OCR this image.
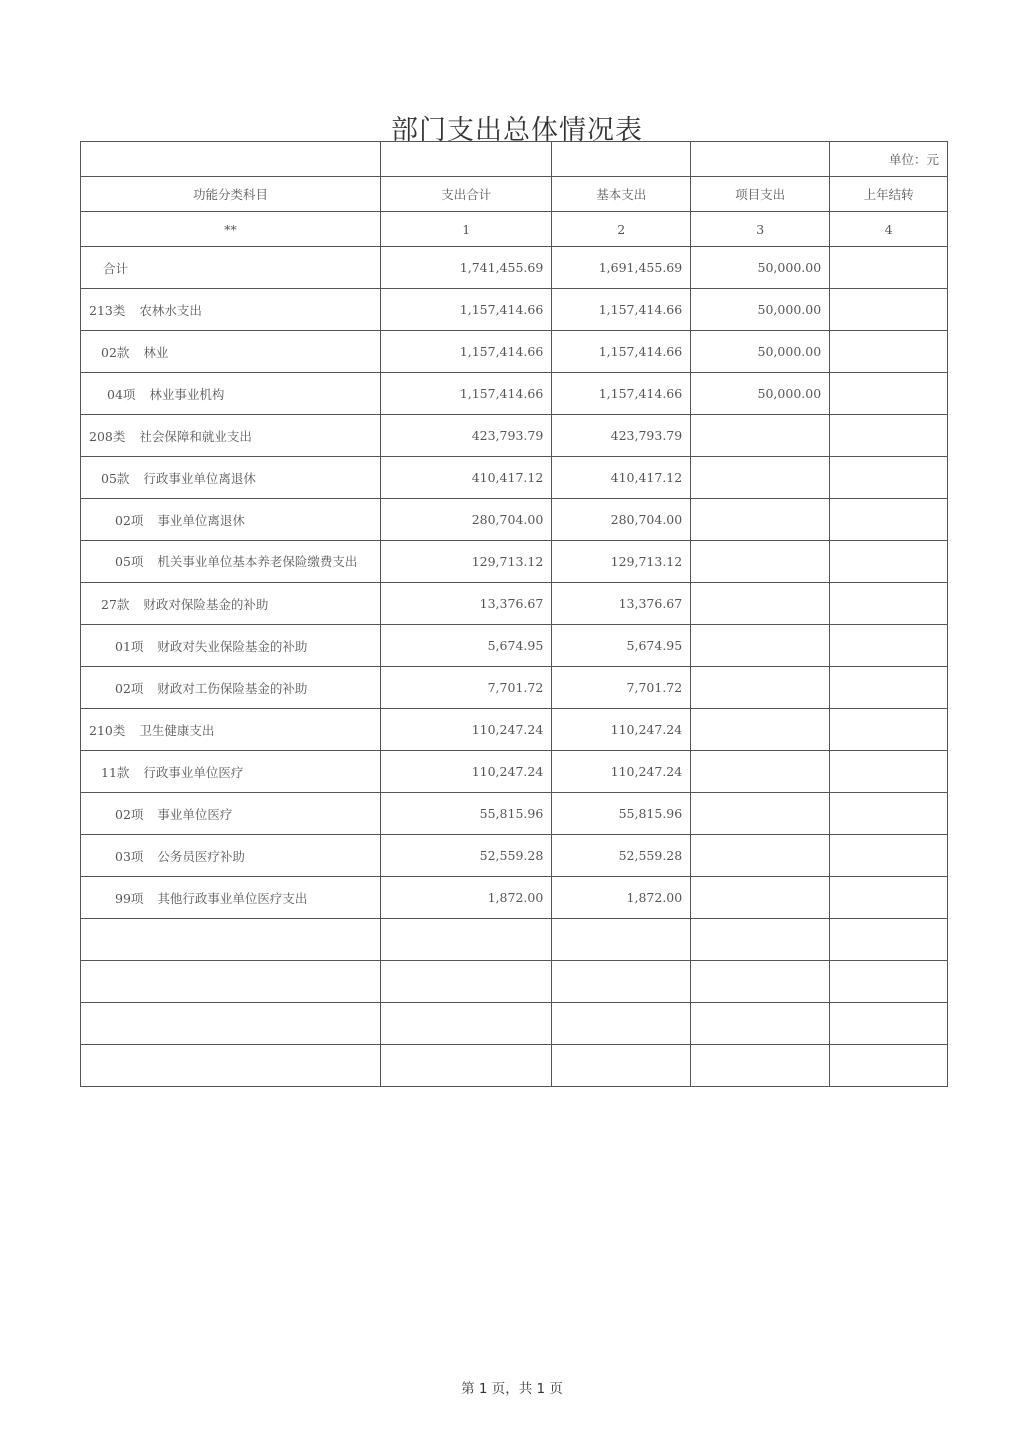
部门支出总体情况表
				单位：元
功能分类科目	支出合计	基本支出	项目支出	上年结转
**	1	2	3	4
合计	1,741,455.69	1,691,455.69	50,000.00	
213类 农林水支出	1,157,414.66	1,157,414.66	50,000.00	
02款 林业	1,157,414.66	1,157,414.66	50,000.00	
04项 林业事业机构	1,157,414.66	1,157,414.66	50,000.00	
208类 社会保障和就业支出	423,793.79	423,793.79		
05款 行政事业单位离退休	410,417.12	410,417.12		
02项 事业单位离退休	280,704.00	280,704.00		
05项 机关事业单位基本养老保险缴费支出	129,713.12	129,713.12		
27款 财政对保险基金的补助	13,376.67	13,376.67		
01项 财政对失业保险基金的补助	5,674.95	5,674.95		
02项 财政对工伤保险基金的补助	7,701.72	7,701.72		
210类 卫生健康支出	110,247.24	110,247.24		
11款 行政事业单位医疗	110,247.24	110,247.24		
02项 事业单位医疗	55,815.96	55,815.96		
03项 公务员医疗补助	52,559.28	52,559.28		
99项 其他行政事业单位医疗支出	1,872.00	1,872.00		

第 1 页，共 1 页
